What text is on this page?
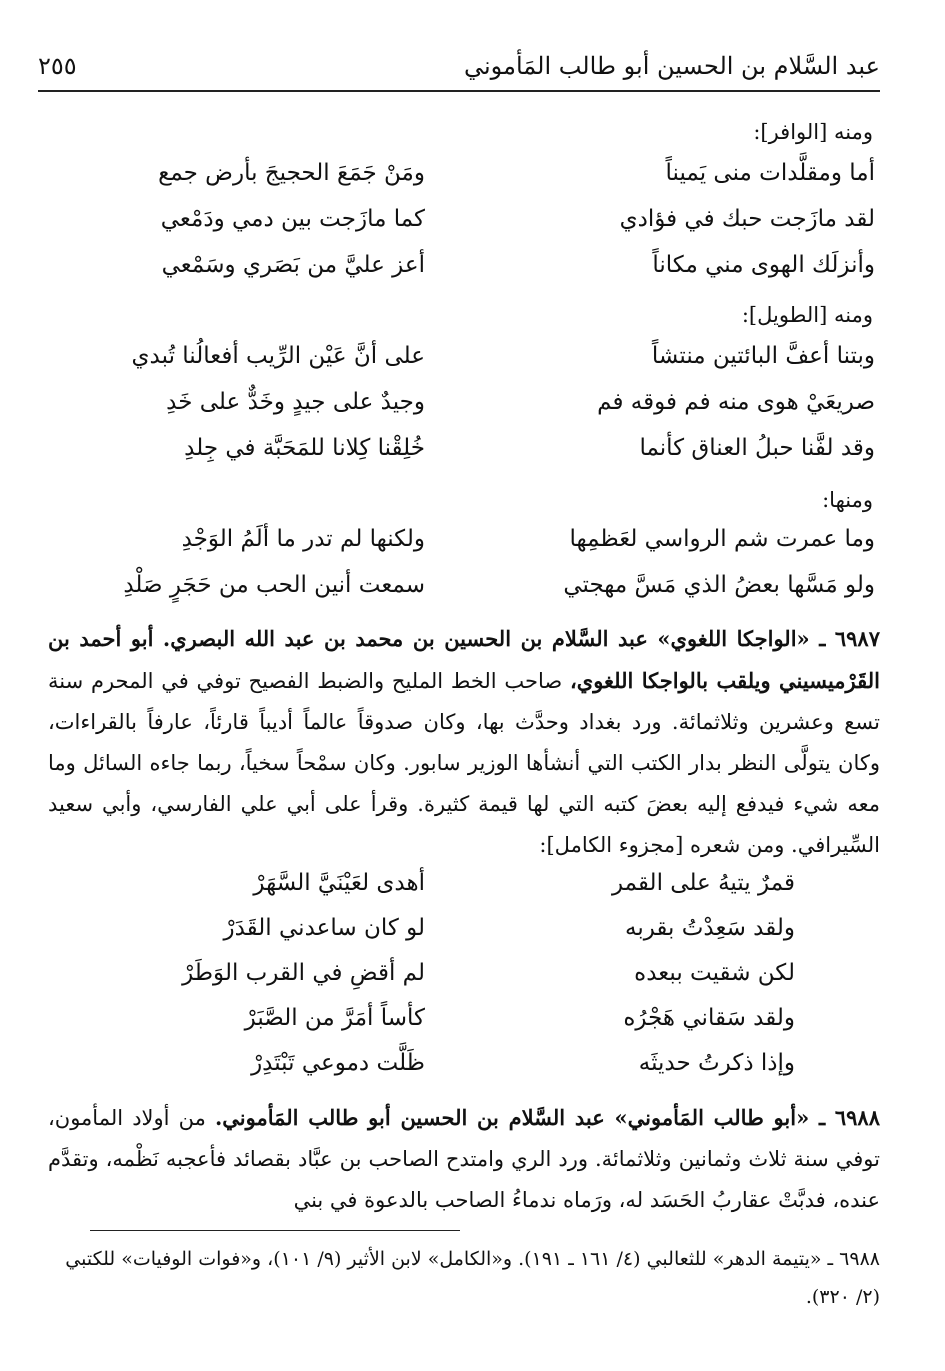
عبد السَّلام بن الحسين أبو طالب المَأموني
٢٥٥
ومنه [الوافر]:
أما ومقلَّدات منى يَميناً
ومَنْ جَمَعَ الحجيجَ بأرض جمع
لقد مازَجت حبك في فؤادي
كما مازَجت بين دمي ودَمْعي
وأنزلَك الهوى مني مكاناً
أعز عليَّ من بَصَري وسَمْعي
ومنه [الطويل]:
وبتنا أعفَّ البائتين منتشاً
على أنَّ عَيْن الرِّيب أفعالُنا تُبدي
صريعَيْ هوى منه فم فوقه فم
وجيدٌ على جيدٍ وخَدٌّ على خَدِ
وقد لفَّنا حبلُ العناق كأنما
خُلِقْنا كِلانا للمَحَبَّة في جِلدِ
ومنها:
وما عمرت شم الرواسي لعَظمِها
ولكنها لم تدر ما ألَمُ الوَجْدِ
ولو مَسَّها بعضُ الذي مَسَّ مهجتي
سمعت أنين الحب من حَجَرٍ صَلْدِ
٦٩٨٧ ـ «الواجكا اللغوي» عبد السَّلام بن الحسين بن محمد بن عبد الله البصري. أبو أحمد بن القَرْميسيني ويلقب بالواجكا اللغوي، صاحب الخط المليح والضبط الفصيح توفي في المحرم سنة تسع وعشرين وثلاثمائة. ورد بغداد وحدَّث بها، وكان صدوقاً عالماً أديباً قارئاً، عارفاً بالقراءات، وكان يتولَّى النظر بدار الكتب التي أنشأها الوزير سابور. وكان سمْحاً سخياً، ربما جاءه السائل وما معه شيء فيدفع إليه بعضَ كتبه التي لها قيمة كثيرة. وقرأ على أبي علي الفارسي، وأبي سعيد السِّيرافي. ومن شعره [مجزوء الكامل]:
قمرٌ يتيهُ على القمر
أهدى لعَيْنَيَّ السَّهَرْ
ولقد سَعِدْتُ بقربه
لو كان ساعدني القَدَرْ
لكن شقيت ببعده
لم أقضِ في القرب الوَطَرْ
ولقد سَقاني هَجْرُه
كأساً أمَرَّ من الصَّبَرْ
وإذا ذكرتُ حديثَه
ظَلَّت دموعي تَبْتَدِرْ
٦٩٨٨ ـ «أبو طالب المَأموني» عبد السَّلام بن الحسين أبو طالب المَأموني. من أولاد المأمون، توفي سنة ثلاث وثمانين وثلاثمائة. ورد الري وامتدح الصاحب بن عبَّاد بقصائد فأعجبه نَظْمه، وتقدَّم عنده، فدبَّتْ عقاربُ الحَسَد له، ورَماه ندماءُ الصاحب بالدعوة في بني
٦٩٨٨ ـ «يتيمة الدهر» للثعالبي (٤/ ١٦١ ـ ١٩١). و«الكامل» لابن الأثير (٩/ ١٠١)، و«فوات الوفيات» للكتبي (٢/ ٣٢٠).
